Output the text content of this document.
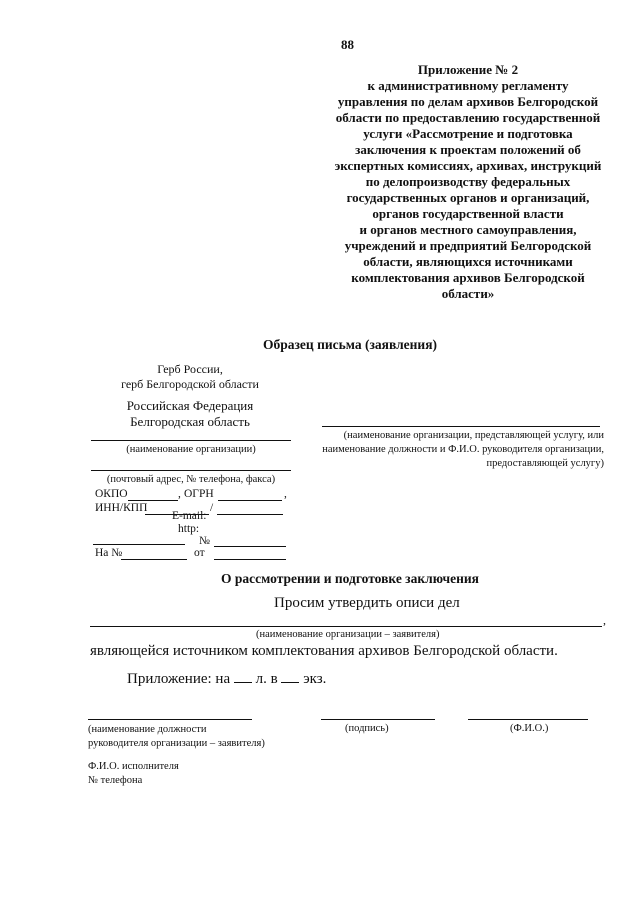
88
Приложение № 2
к административному регламенту
управления по делам архивов Белгородской
области по предоставлению государственной
услуги «Рассмотрение и подготовка
заключения к проектам положений об
экспертных комиссиях, архивах, инструкций
по делопроизводству федеральных
государственных органов и организаций,
органов государственной власти
и органов местного самоуправления,
учреждений и предприятий Белгородской
области, являющихся источниками
комплектования архивов Белгородской
области»
Образец письма (заявления)
Герб России,
герб Белгородской области
Российская Федерация
Белгородская область
(наименование организации)
(почтовый адрес, № телефона, факса)
ОКПО	, ОГРН	,
ИНН/КПП	/
E-mail:
http:
№
На №	от
(наименование организации, представляющей услугу, или
наименование должности и Ф.И.О. руководителя организации,
предоставляющей услугу)
О рассмотрении и подготовке заключения
Просим утвердить описи дел
,
(наименование организации – заявителя)
являющейся источником комплектования архивов Белгородской области.
Приложение: на л. в экз.
(наименование должности
руководителя организации – заявителя)
(подпись)	(Ф.И.О.)
Ф.И.О. исполнителя
№ телефона
